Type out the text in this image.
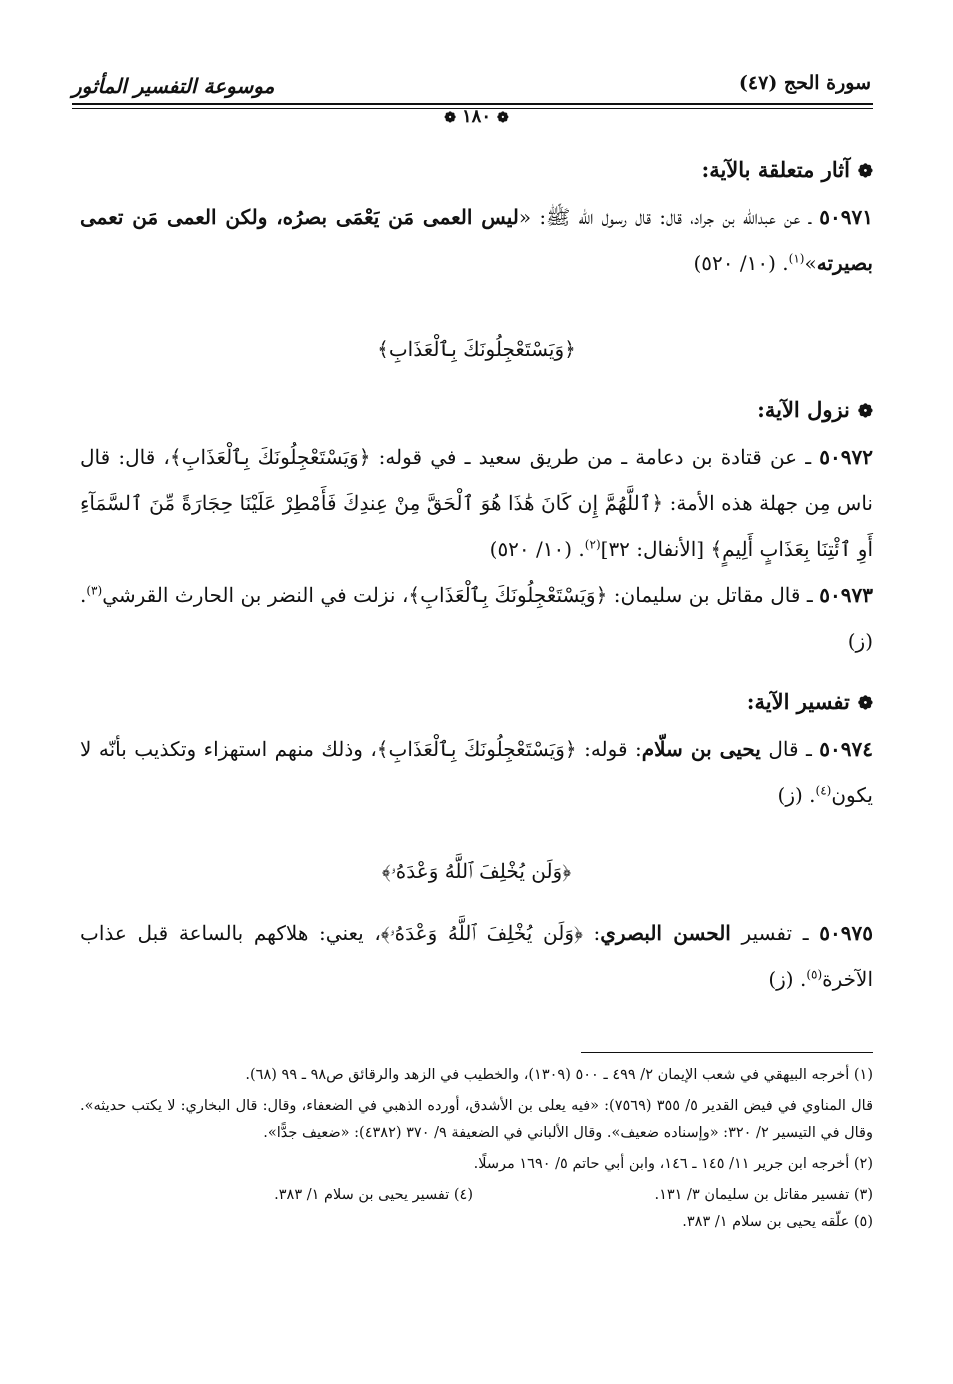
سورة الحج (٤٧)
موسوعة التفسير المأثور
❁١٨٠❁

❁آثار متعلقة بالآية:

٥٠٩٧١ ـ عن عبدالله بن جراد، قال: قال رسول الله ﷺ: «ليس العمى مَن يَعْمَى بصرُه، ولكن العمى مَن تعمى بصيرته»$^{(١)}$. (١٠/ ٥٢٠)

﴿وَيَسْتَعْجِلُونَكَ بِٱلْعَذَابِ﴾

❁نزول الآية:

٥٠٩٧٢ ـ عن قتادة بن دعامة ـ من طريق سعيد ـ في قوله: ﴿وَيَسْتَعْجِلُونَكَ بِٱلْعَذَابِ﴾، قال: قال ناس مِن جهلة هذه الأمة: ﴿ٱللَّهُمَّ إِن كَانَ هَٰذَا هُوَ ٱلْحَقَّ مِنْ عِندِكَ فَأَمْطِرْ عَلَيْنَا حِجَارَةً مِّنَ ٱلسَّمَآءِ أَوِ ٱئْتِنَا بِعَذَابٍ أَلِيمٍ﴾ [الأنفال: ٣٢]$^{(٢)}$. (١٠/ ٥٢٠)

٥٠٩٧٣ ـ قال مقاتل بن سليمان: ﴿وَيَسْتَعْجِلُونَكَ بِٱلْعَذَابِ﴾، نزلت في النضر بن الحارث القرشي$^{(٣)}$. (ز)

❁تفسير الآية:

٥٠٩٧٤ ـ قال يحيى بن سلّام: قوله: ﴿وَيَسْتَعْجِلُونَكَ بِٱلْعَذَابِ﴾، وذلك منهم استهزاء وتكذيب بأنّه لا يكون$^{(٤)}$. (ز)

﴿وَلَن يُخْلِفَ ٱللَّهُ وَعْدَهُۥ﴾

٥٠٩٧٥ ـ تفسير الحسن البصري: ﴿وَلَن يُخْلِفَ ٱللَّهُ وَعْدَهُۥ﴾، يعني: هلاكهم بالساعة قبل عذاب الآخرة$^{(٥)}$. (ز)

(١) أخرجه البيهقي في شعب الإيمان ٢/ ٤٩٩ ـ ٥٠٠ (١٣٠٩)، والخطيب في الزهد والرقائق ص٩٨ ـ ٩٩ (٦٨).

قال المناوي في فيض القدير ٥/ ٣٥٥ (٧٥٦٩): «فيه يعلى بن الأشدق، أورده الذهبي في الضعفاء، وقال: قال البخاري: لا يكتب حديثه». وقال في التيسير ٢/ ٣٢٠: «وإسناده ضعيف». وقال الألباني في الضعيفة ٩/ ٣٧٠ (٤٣٨٢): «ضعيف جدًّا».

(٢) أخرجه ابن جرير ١١/ ١٤٥ ـ ١٤٦، وابن أبي حاتم ٥/ ١٦٩٠ مرسلًا.

(٣) تفسير مقاتل بن سليمان ٣/ ١٣١.
(٤) تفسير يحيى بن سلام ١/ ٣٨٣.

(٥) علّقه يحيى بن سلام ١/ ٣٨٣.
